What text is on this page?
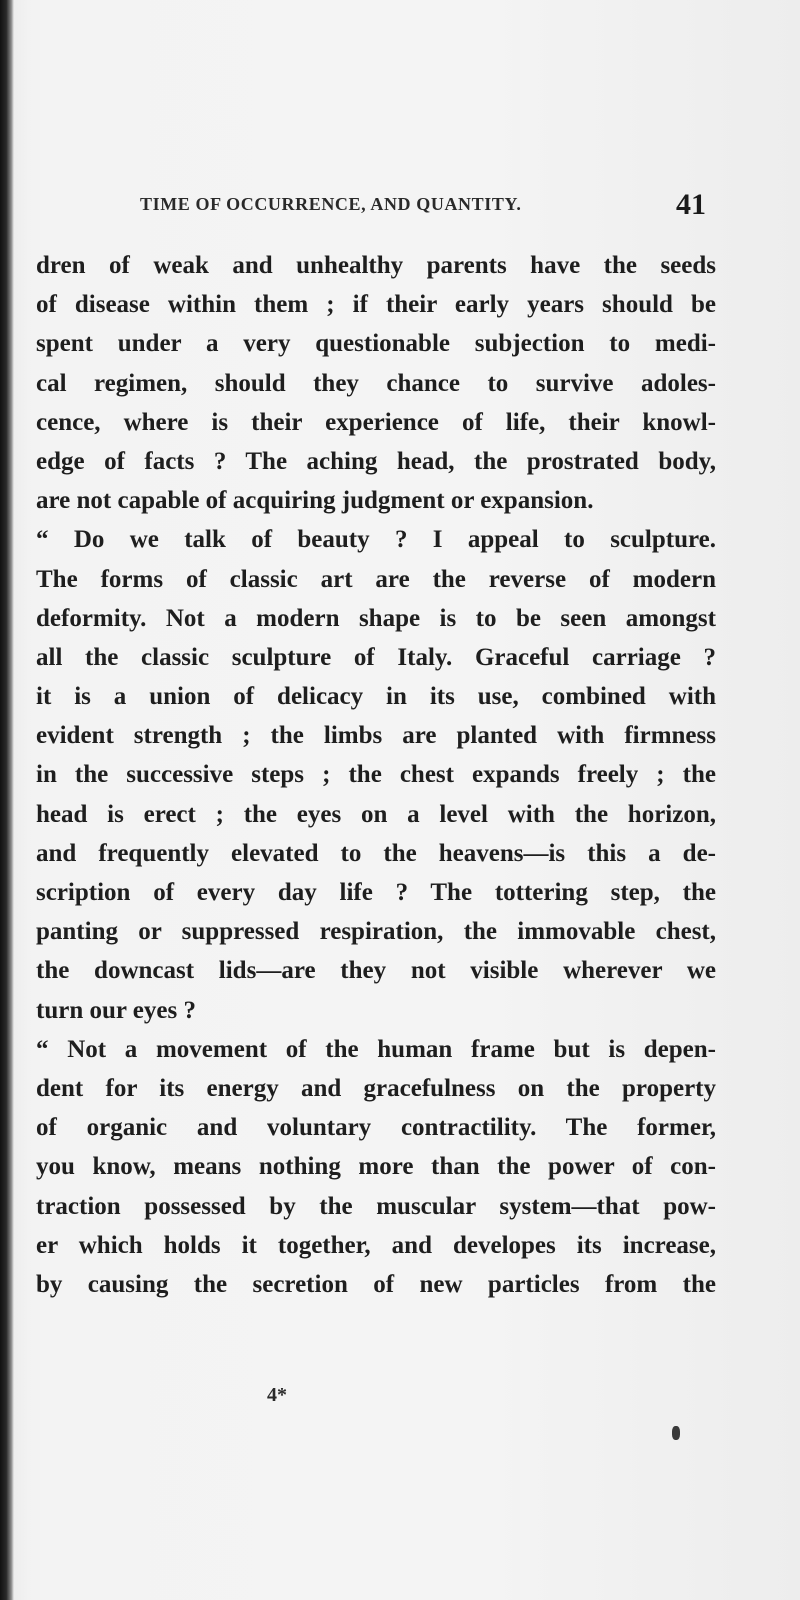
TIME OF OCCURRENCE, AND QUANTITY.	41
dren of weak and unhealthy parents have the seeds
of disease within them ; if their early years should be
spent under a very questionable subjection to medi-
cal regimen, should they chance to survive adoles-
cence, where is their experience of life, their knowl-
edge of facts ? The aching head, the prostrated body,
are not capable of acquiring judgment or expansion.
“ Do we talk of beauty ? I appeal to sculpture.
The forms of classic art are the reverse of modern
deformity. Not a modern shape is to be seen amongst
all the classic sculpture of Italy. Graceful carriage ?
it is a union of delicacy in its use, combined with
evident strength ; the limbs are planted with firmness
in the successive steps ; the chest expands freely ; the
head is erect ; the eyes on a level with the horizon,
and frequently elevated to the heavens—is this a de-
scription of every day life ? The tottering step, the
panting or suppressed respiration, the immovable chest,
the downcast lids—are they not visible wherever we
turn our eyes ?
“ Not a movement of the human frame but is depen-
dent for its energy and gracefulness on the property
of organic and voluntary contractility. The former,
you know, means nothing more than the power of con-
traction possessed by the muscular system—that pow-
er which holds it together, and developes its increase,
by causing the secretion of new particles from the
4*
